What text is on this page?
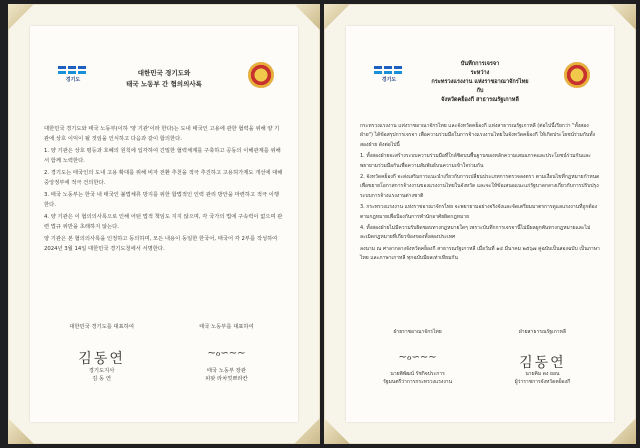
경기도
대한민국 경기도와
태국 노동부 간 협의의사록

대한민국 경기도와 태국 노동부(이하 '양 기관'이라 한다)는 도내 태국인 고용에 관한 협력을 위해 양 기관에 상호 이익이 될 것임을 인식하고 다음과 같이 합의한다.

1. 양 기관은 상호 평등과 호혜의 원칙에 입각하여 긴밀한 협력체계를 구축하고 공동의 이해관계를 위해서 함께 노력한다.

2. 경기도는 태국인의 도내 고용 확대를 위해 비자 전환 추천을 적극 추진하고 고용허가제도 개선에 대해 중앙정부에 적극 건의한다.

3. 태국 노동부는 한국 내 태국인 불법체류 방지를 위한 합법적인 인력 관리 방안을 마련하고 적극 이행한다.

4. 양 기관은 이 협의의사록으로 인해 어떤 법적 책임도 지지 않으며, 각 국가의 법에 구속력이 없으며 관련 법규 위반을 초래하지 않는다.

양 기관은 본 협의의사록을 인정하고 동의하며, 모든 내용이 동일한 한국어, 태국어 각 2부를 작성하여 2024년 3월 14일 대한민국 경기도청에서 서명한다.

대한민국 경기도를 대표하여
김동연
경기도지사
김 동 연
태국 노동부를 대표하여
~ℴ∽∼∼
태국 노동부 장관
피팟 라차낏쁘라칸
경기도
บันทึกการเจรจา
ระหว่าง
กระทรวงแรงงาน แห่งราชอาณาจักรไทย
กับ
จังหวัดคย็องกี สาธารณรัฐเกาหลี

กระทรวงแรงงาน แห่งราชอาณาจักรไทย และจังหวัดคย็องกี แห่งสาธารณรัฐเกาหลี (ต่อไปนี้เรียกว่า "ทั้งสองฝ่าย") ได้ข้อสรุปการเจรจา เพื่อความร่วมมือในการจ้างแรงงานไทยในจังหวัดคย็องกี ให้เกิดประโยชน์ร่วมกันทั้งสองฝ่าย ดังต่อไปนี้

1. ทั้งสองฝ่ายจะสร้างระบบความร่วมมือที่ใกล้ชิดบนพื้นฐานของหลักความเสมอภาคและประโยชน์ร่วมกันและพยายามร่วมมือกันเพื่อความสัมพันธ์บนความเข้าใจร่วมกัน

2. จังหวัดคย็องกี จะส่งเสริมการแนะนำเกี่ยวกับการเปลี่ยนประเภทการตรวจลงตรา ตามเงื่อนไขที่กฎหมายกำหนด เพื่อขยายโอกาสการจ้างงานของแรงงานไทยในจังหวัด และจะให้ข้อเสนอแนะแก่รัฐบาลกลางเกี่ยวกับการปรับปรุงระบบการจ้างแรงงานต่างชาติ

3. กระทรวงแรงงาน แห่งราชอาณาจักรไทย จะพยายามอย่างจริงจังและจัดเตรียมมาตรการดูแลแรงงานที่ถูกต้องตามกฎหมายเพื่อป้องกันการพำนักอาศัยผิดกฎหมาย

4. ทั้งสองฝ่ายไม่มีความรับผิดชอบทางกฎหมายใดๆ เพราะบันทึกการเจรจานี้ไม่มีผลผูกพันทางกฎหมายและไม่ละเมิดกฎหมายที่เกี่ยวข้องของทั้งสองประเทศ

ลงนาม ณ ศาลากลางจังหวัดคย็องกี สาธารณรัฐเกาหลี เมื่อวันที่ ๑๔ มีนาคม ๒๕๖๗ คู่ฉบับเป็นสองฉบับ เป็นภาษาไทย และภาษาเกาหลี ทุกฉบับมีผลเท่าเทียมกัน

ฝ่ายราชอาณาจักรไทย
~ℴ∽∼∼
นายพิพัฒน์ รัชกิจประการ
รัฐมนตรีว่าการกระทรวงแรงงาน
ฝ่ายสาธารณรัฐเกาหลี
김동연
นายคิม ดง ยอน
ผู้ว่าราชการจังหวัดคย็องกี
